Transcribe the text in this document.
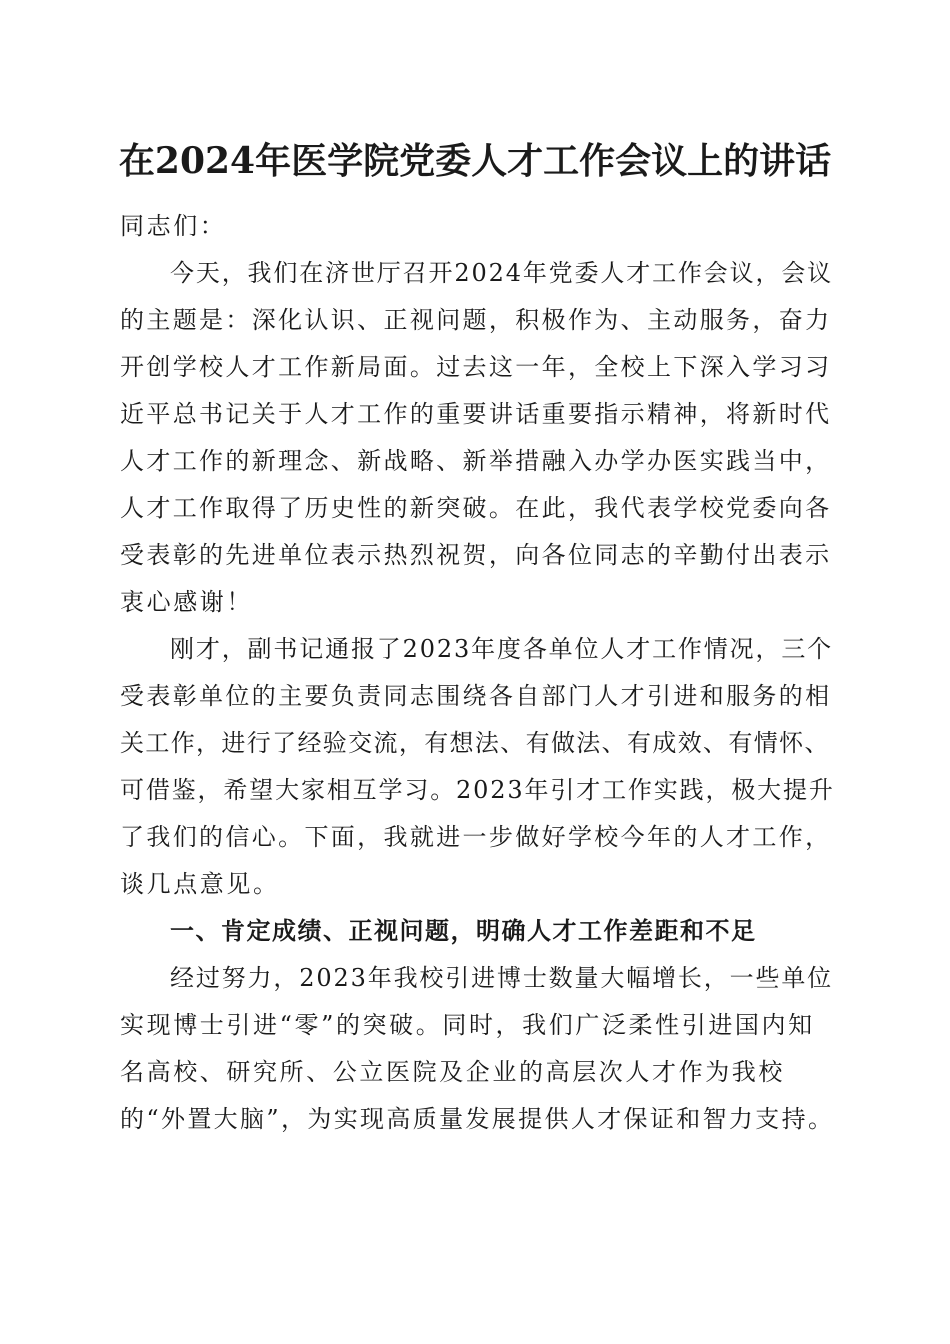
在2024年医学院党委人才工作会议上的讲话
同志们：
今天，我们在济世厅召开2024年党委人才工作会议，会议
的主题是：深化认识、正视问题，积极作为、主动服务，奋力
开创学校人才工作新局面。过去这一年，全校上下深入学习习
近平总书记关于人才工作的重要讲话重要指示精神，将新时代
人才工作的新理念、新战略、新举措融入办学办医实践当中，
人才工作取得了历史性的新突破。在此，我代表学校党委向各
受表彰的先进单位表示热烈祝贺，向各位同志的辛勤付出表示
衷心感谢！
刚才，副书记通报了2023年度各单位人才工作情况，三个
受表彰单位的主要负责同志围绕各自部门人才引进和服务的相
关工作，进行了经验交流，有想法、有做法、有成效、有情怀、
可借鉴，希望大家相互学习。2023年引才工作实践，极大提升
了我们的信心。下面，我就进一步做好学校今年的人才工作，
谈几点意见。
一、肯定成绩、正视问题，明确人才工作差距和不足
经过努力，2023年我校引进博士数量大幅增长，一些单位
实现博士引进“零”的突破。同时，我们广泛柔性引进国内知
名高校、研究所、公立医院及企业的高层次人才作为我校
的“外置大脑”，为实现高质量发展提供人才保证和智力支持。
